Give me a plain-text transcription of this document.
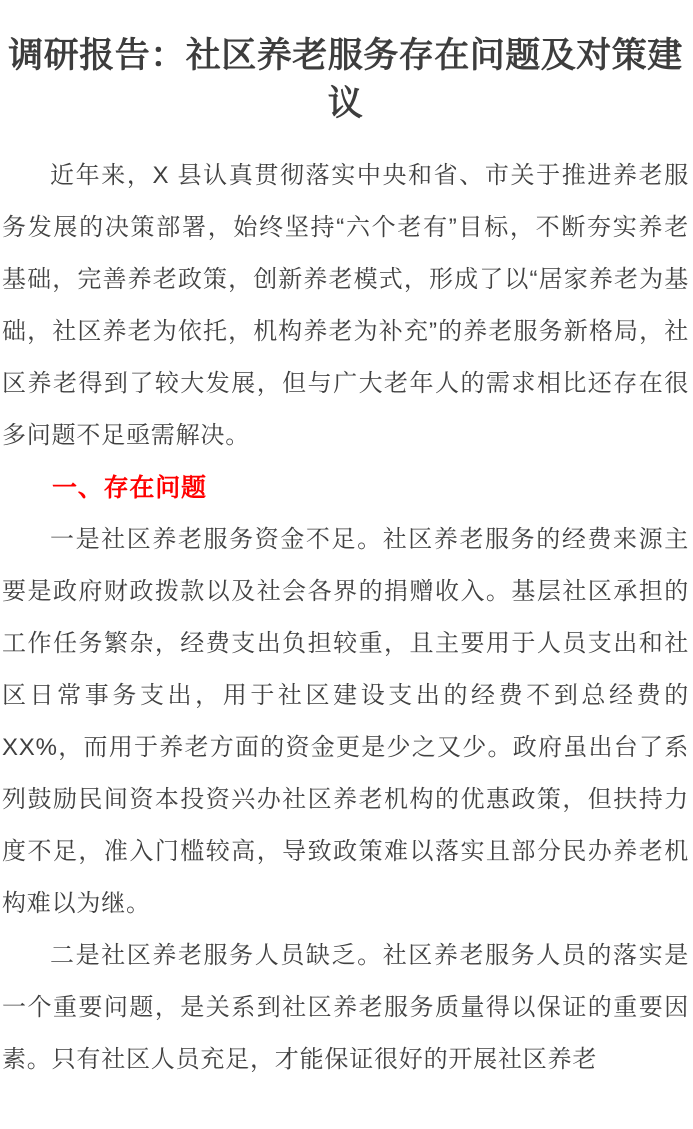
调研报告：社区养老服务存在问题及对策建议

近年来，X 县认真贯彻落实中央和省、市关于推进养老服务发展的决策部署，始终坚持“六个老有”目标，不断夯实养老基础，完善养老政策，创新养老模式，形成了以“居家养老为基础，社区养老为依托，机构养老为补充”的养老服务新格局，社区养老得到了较大发展，但与广大老年人的需求相比还存在很多问题不足亟需解决。

一、存在问题

一是社区养老服务资金不足。社区养老服务的经费来源主要是政府财政拨款以及社会各界的捐赠收入。基层社区承担的工作任务繁杂，经费支出负担较重，且主要用于人员支出和社区日常事务支出，用于社区建设支出的经费不到总经费的 XX%，而用于养老方面的资金更是少之又少。政府虽出台了系列鼓励民间资本投资兴办社区养老机构的优惠政策，但扶持力度不足，准入门槛较高，导致政策难以落实且部分民办养老机构难以为继。

二是社区养老服务人员缺乏。社区养老服务人员的落实是一个重要问题，是关系到社区养老服务质量得以保证的重要因素。只有社区人员充足，才能保证很好的开展社区养老
